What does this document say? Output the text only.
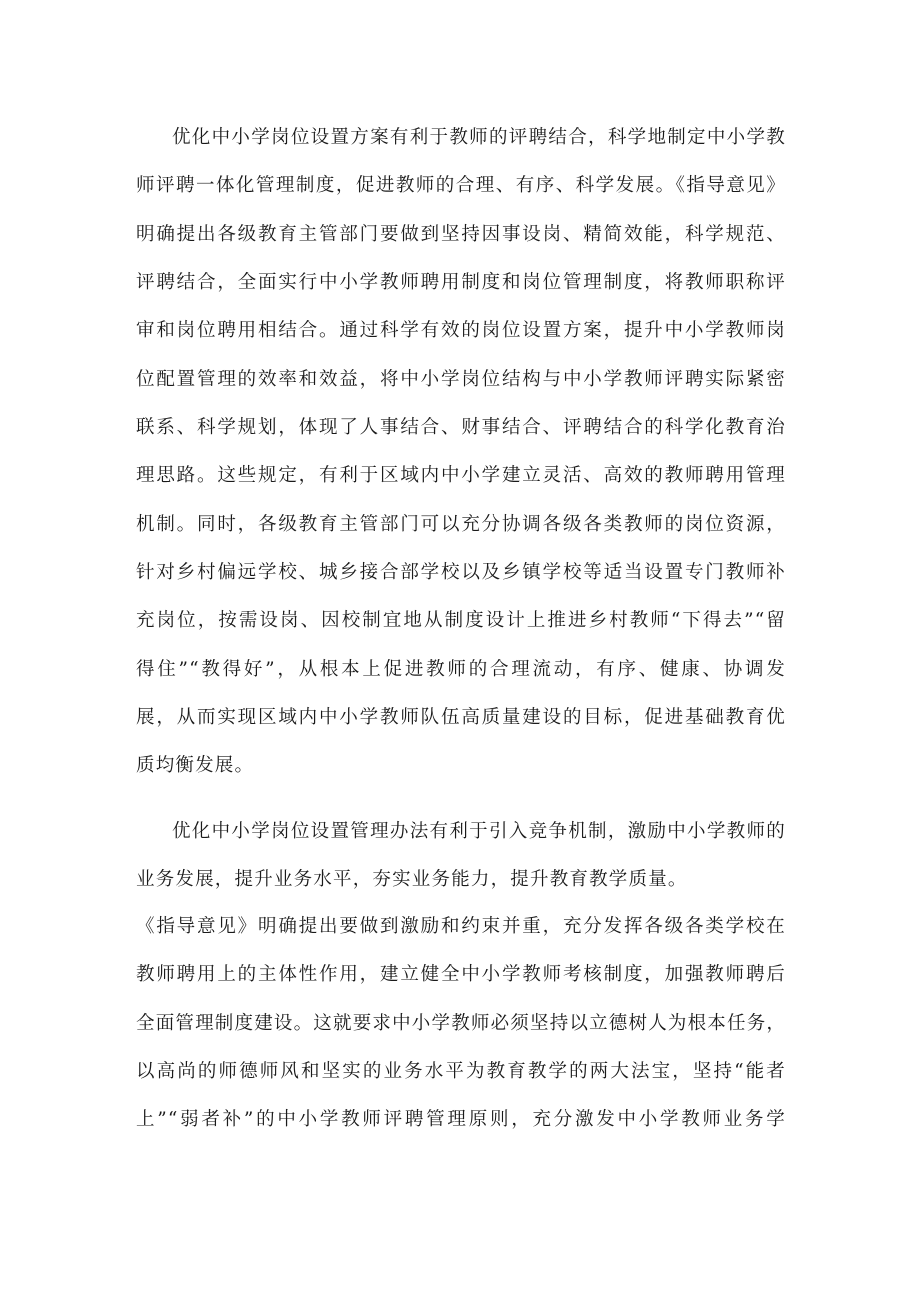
优化中小学岗位设置方案有利于教师的评聘结合，科学地制定中小学教
师评聘一体化管理制度，促进教师的合理、有序、科学发展。《指导意见》
明确提出各级教育主管部门要做到坚持因事设岗、精简效能，科学规范、
评聘结合，全面实行中小学教师聘用制度和岗位管理制度，将教师职称评
审和岗位聘用相结合。通过科学有效的岗位设置方案，提升中小学教师岗
位配置管理的效率和效益，将中小学岗位结构与中小学教师评聘实际紧密
联系、科学规划，体现了人事结合、财事结合、评聘结合的科学化教育治
理思路。这些规定，有利于区域内中小学建立灵活、高效的教师聘用管理
机制。同时，各级教育主管部门可以充分协调各级各类教师的岗位资源，
针对乡村偏远学校、城乡接合部学校以及乡镇学校等适当设置专门教师补
充岗位，按需设岗、因校制宜地从制度设计上推进乡村教师“下得去”“留
得住”“教得好”，从根本上促进教师的合理流动，有序、健康、协调发
展，从而实现区域内中小学教师队伍高质量建设的目标，促进基础教育优
质均衡发展。
优化中小学岗位设置管理办法有利于引入竞争机制，激励中小学教师的
业务发展，提升业务水平，夯实业务能力，提升教育教学质量。
《指导意见》明确提出要做到激励和约束并重，充分发挥各级各类学校在
教师聘用上的主体性作用，建立健全中小学教师考核制度，加强教师聘后
全面管理制度建设。这就要求中小学教师必须坚持以立德树人为根本任务，
以高尚的师德师风和坚实的业务水平为教育教学的两大法宝，坚持“能者
上”“弱者补”的中小学教师评聘管理原则，充分激发中小学教师业务学
